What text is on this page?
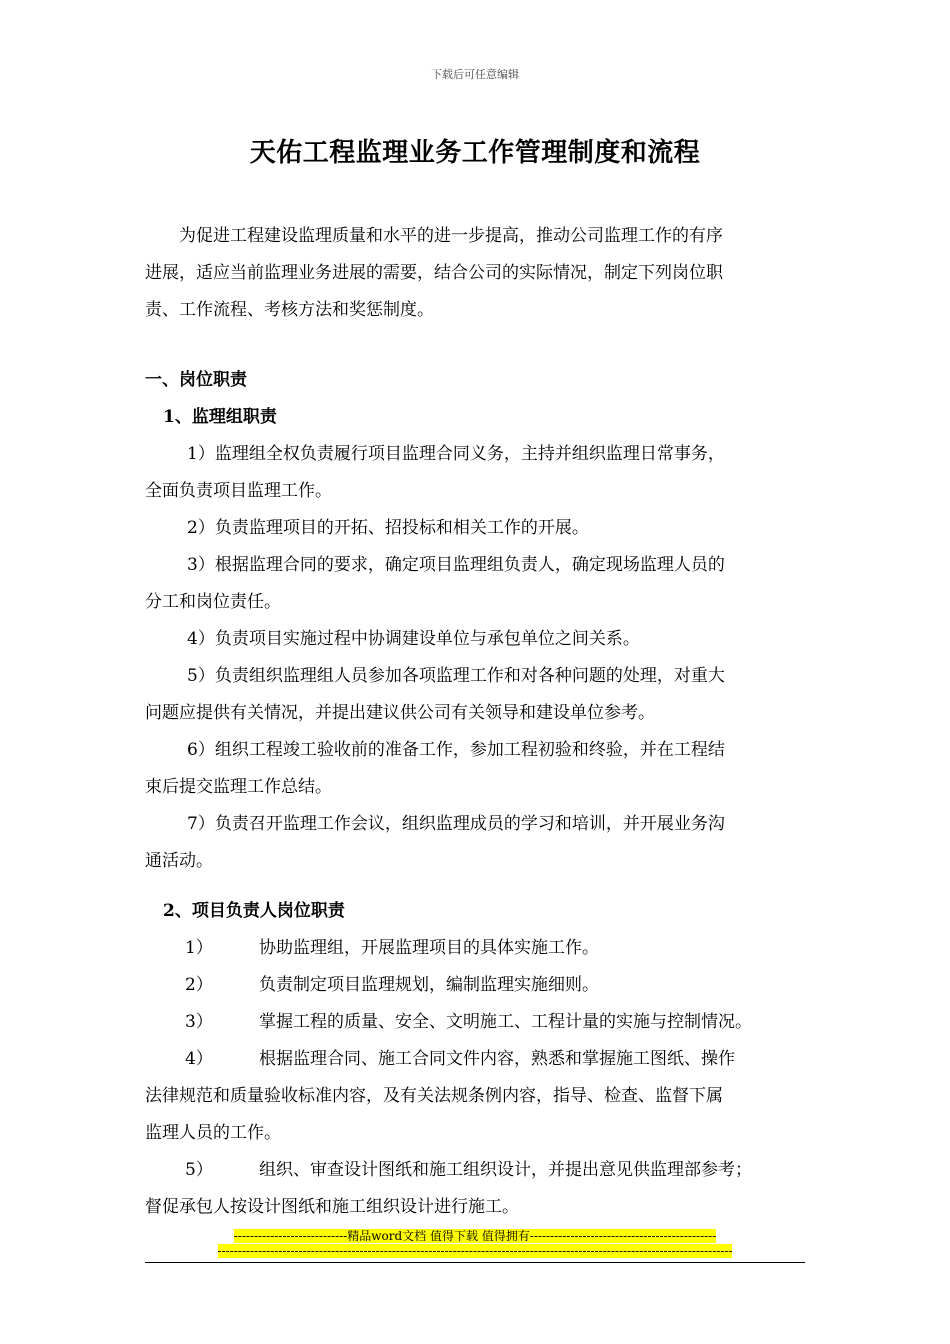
下载后可任意编辑
天佑工程监理业务工作管理制度和流程

为促进工程建设监理质量和水平的进一步提高，推动公司监理工作的有序

进展，适应当前监理业务进展的需要，结合公司的实际情况，制定下列岗位职

责、工作流程、考核方法和奖惩制度。

一、岗位职责

1、监理组职责

1）监理组全权负责履行项目监理合同义务，主持并组织监理日常事务，

全面负责项目监理工作。

2）负责监理项目的开拓、招投标和相关工作的开展。

3）根据监理合同的要求，确定项目监理组负责人，确定现场监理人员的

分工和岗位责任。

4）负责项目实施过程中协调建设单位与承包单位之间关系。

5）负责组织监理组人员参加各项监理工作和对各种问题的处理，对重大

问题应提供有关情况，并提出建议供公司有关领导和建设单位参考。

6）组织工程竣工验收前的准备工作，参加工程初验和终验，并在工程结

束后提交监理工作总结。

7）负责召开监理工作会议，组织监理成员的学习和培训，并开展业务沟

通活动。

2、项目负责人岗位职责

1）	协助监理组，开展监理项目的具体实施工作。
2）	负责制定项目监理规划，编制监理实施细则。
3）	掌握工程的质量、安全、文明施工、工程计量的实施与控制情况。
4）	根据监理合同、施工合同文件内容，熟悉和掌握施工图纸、操作

法律规范和质量验收标准内容，及有关法规条例内容，指导、检查、监督下属

监理人员的工作。

5）	组织、审查设计图纸和施工组织设计，并提出意见供监理部参考；

督促承包人按设计图纸和施工组织设计进行施工。

----------------------------精品word文档 值得下载 值得拥有----------------------------------------------
-------------------------------------------------------------------------------------------------------------------------------
